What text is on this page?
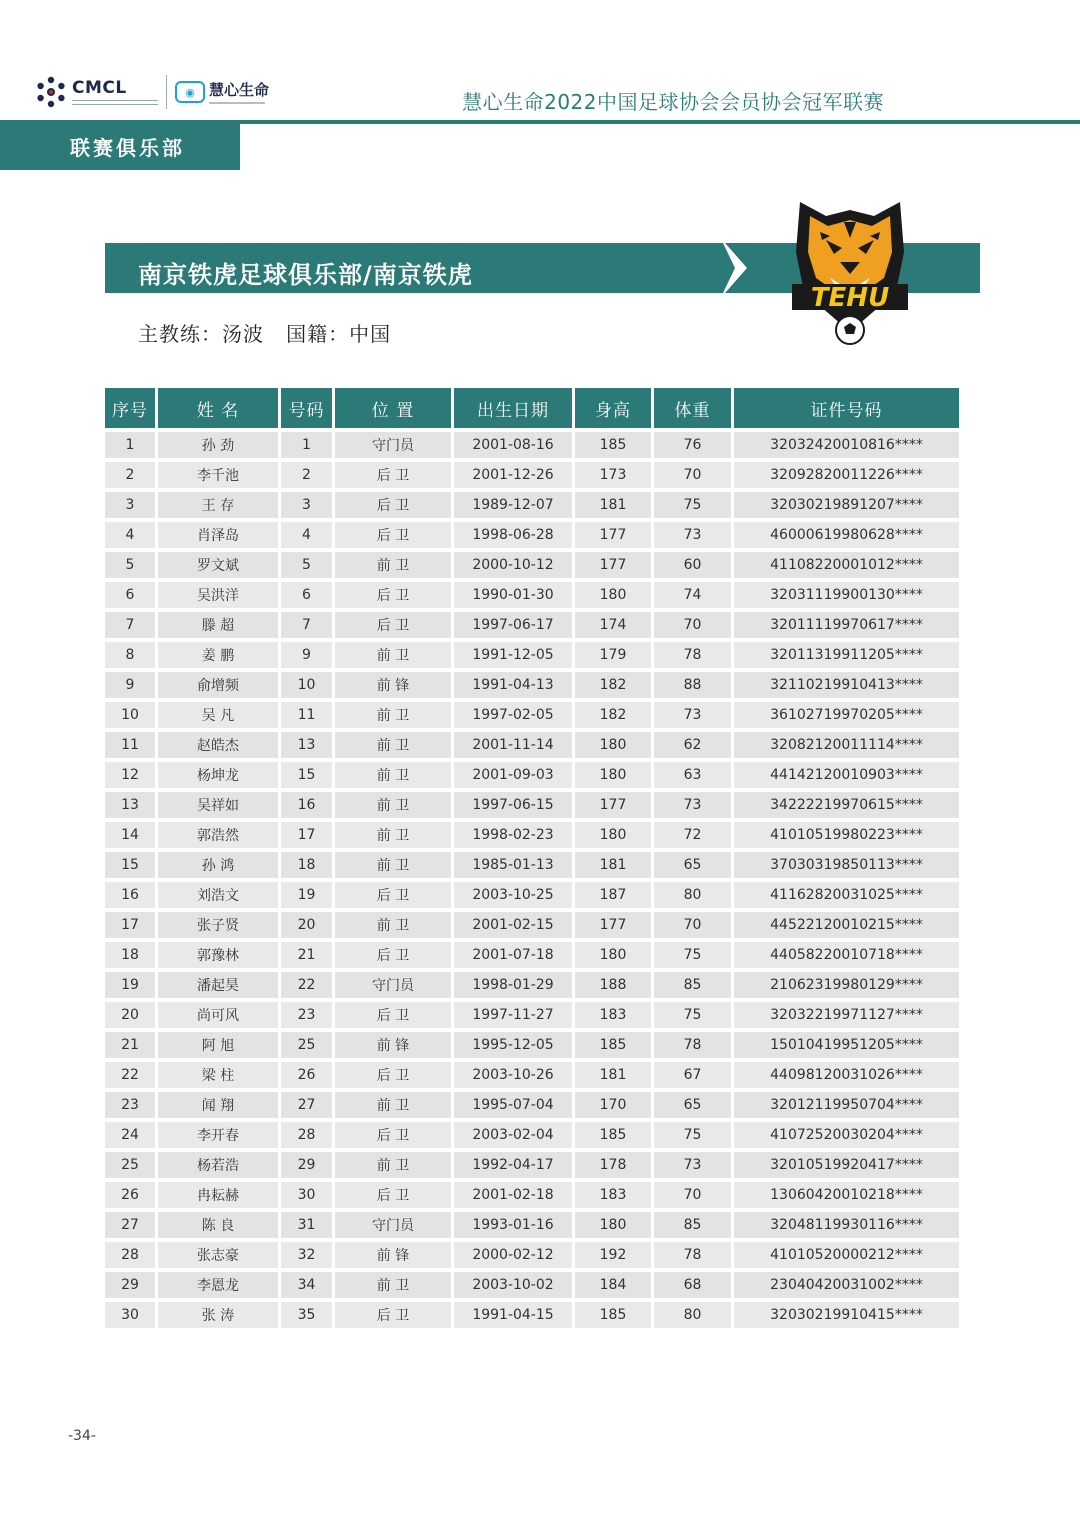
CMCL	◉ 慧心生命
慧心生命2022中国足球协会会员协会冠军联赛
联赛俱乐部
南京铁虎足球俱乐部/南京铁虎
主教练：汤波 国籍：中国
TEHU
序号	姓 名	号码	位 置	出生日期	身高	体重	证件号码
1	孙 劲	1	守门员	2001-08-16	185	76	32032420010816****
2	李千池	2	后 卫	2001-12-26	173	70	32092820011226****
3	王 存	3	后 卫	1989-12-07	181	75	32030219891207****
4	肖泽岛	4	后 卫	1998-06-28	177	73	46000619980628****
5	罗文斌	5	前 卫	2000-10-12	177	60	41108220001012****
6	吴洪洋	6	后 卫	1990-01-30	180	74	32031119900130****
7	滕 超	7	后 卫	1997-06-17	174	70	32011119970617****
8	姜 鹏	9	前 卫	1991-12-05	179	78	32011319911205****
9	俞增频	10	前 锋	1991-04-13	182	88	32110219910413****
10	吴 凡	11	前 卫	1997-02-05	182	73	36102719970205****
11	赵皓杰	13	前 卫	2001-11-14	180	62	32082120011114****
12	杨坤龙	15	前 卫	2001-09-03	180	63	44142120010903****
13	吴祥如	16	前 卫	1997-06-15	177	73	34222219970615****
14	郭浩然	17	前 卫	1998-02-23	180	72	41010519980223****
15	孙 鸿	18	前 卫	1985-01-13	181	65	37030319850113****
16	刘浩文	19	后 卫	2003-10-25	187	80	41162820031025****
17	张子贤	20	前 卫	2001-02-15	177	70	44522120010215****
18	郭豫林	21	后 卫	2001-07-18	180	75	44058220010718****
19	潘起昊	22	守门员	1998-01-29	188	85	21062319980129****
20	尚可风	23	后 卫	1997-11-27	183	75	32032219971127****
21	阿 旭	25	前 锋	1995-12-05	185	78	15010419951205****
22	梁 柱	26	后 卫	2003-10-26	181	67	44098120031026****
23	闻 翔	27	前 卫	1995-07-04	170	65	32012119950704****
24	李开春	28	后 卫	2003-02-04	185	75	41072520030204****
25	杨若浩	29	前 卫	1992-04-17	178	73	32010519920417****
26	冉耘赫	30	后 卫	2001-02-18	183	70	13060420010218****
27	陈 良	31	守门员	1993-01-16	180	85	32048119930116****
28	张志豪	32	前 锋	2000-02-12	192	78	41010520000212****
29	李恩龙	34	前 卫	2003-10-02	184	68	23040420031002****
30	张 涛	35	后 卫	1991-04-15	185	80	32030219910415****
-34-
